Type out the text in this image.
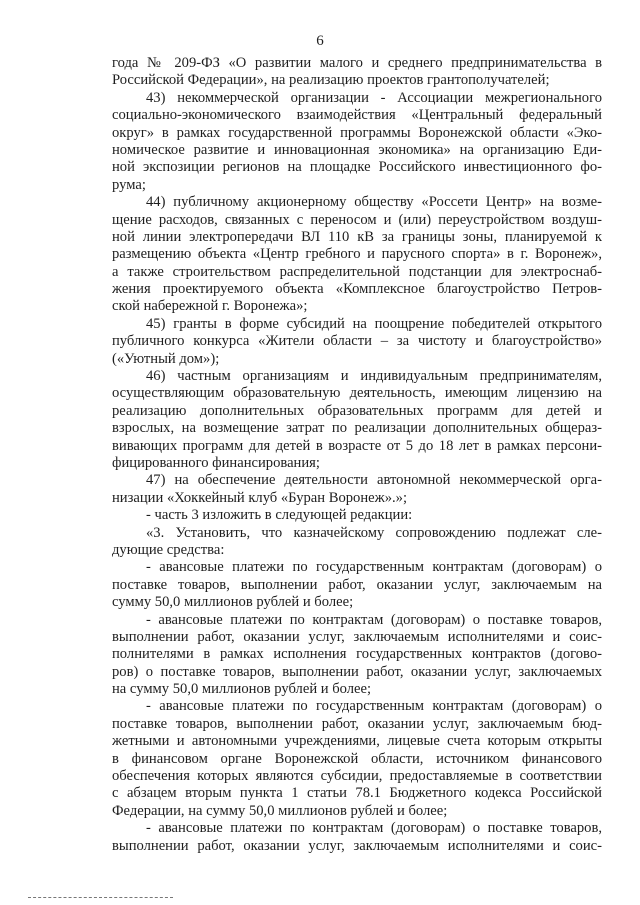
6
года № 209-ФЗ «О развитии малого и среднего предпринимательства в
Российской Федерации», на реализацию проектов грантополучателей;
43) некоммерческой организации - Ассоциации межрегионального
социально-экономического взаимодействия «Центральный федеральный
округ» в рамках государственной программы Воронежской области «Эко-
номическое развитие и инновационная экономика» на организацию Еди-
ной экспозиции регионов на площадке Российского инвестиционного фо-
рума;
44) публичному акционерному обществу «Россети Центр» на возме-
щение расходов, связанных с переносом и (или) переустройством воздуш-
ной линии электропередачи ВЛ 110 кВ за границы зоны, планируемой к
размещению объекта «Центр гребного и парусного спорта» в г. Воронеж»,
а также строительством распределительной подстанции для электроснаб-
жения проектируемого объекта «Комплексное благоустройство Петров-
ской набережной г. Воронежа»;
45) гранты в форме субсидий на поощрение победителей открытого
публичного конкурса «Жители области – за чистоту и благоустройство»
(«Уютный дом»);
46) частным организациям и индивидуальным предпринимателям,
осуществляющим образовательную деятельность, имеющим лицензию на
реализацию дополнительных образовательных программ для детей и
взрослых, на возмещение затрат по реализации дополнительных общераз-
вивающих программ для детей в возрасте от 5 до 18 лет в рамках персони-
фицированного финансирования;
47) на обеспечение деятельности автономной некоммерческой орга-
низации «Хоккейный клуб «Буран Воронеж».»;
- часть 3 изложить в следующей редакции:
«3. Установить, что казначейскому сопровождению подлежат сле-
дующие средства:
- авансовые платежи по государственным контрактам (договорам) о
поставке товаров, выполнении работ, оказании услуг, заключаемым на
сумму 50,0 миллионов рублей и более;
- авансовые платежи по контрактам (договорам) о поставке товаров,
выполнении работ, оказании услуг, заключаемым исполнителями и соис-
полнителями в рамках исполнения государственных контрактов (догово-
ров) о поставке товаров, выполнении работ, оказании услуг, заключаемых
на сумму 50,0 миллионов рублей и более;
- авансовые платежи по государственным контрактам (договорам) о
поставке товаров, выполнении работ, оказании услуг, заключаемым бюд-
жетными и автономными учреждениями, лицевые счета которым открыты
в финансовом органе Воронежской области, источником финансового
обеспечения которых являются субсидии, предоставляемые в соответствии
с абзацем вторым пункта 1 статьи 78.1 Бюджетного кодекса Российской
Федерации, на сумму 50,0 миллионов рублей и более;
- авансовые платежи по контрактам (договорам) о поставке товаров,
выполнении работ, оказании услуг, заключаемым исполнителями и соис-
